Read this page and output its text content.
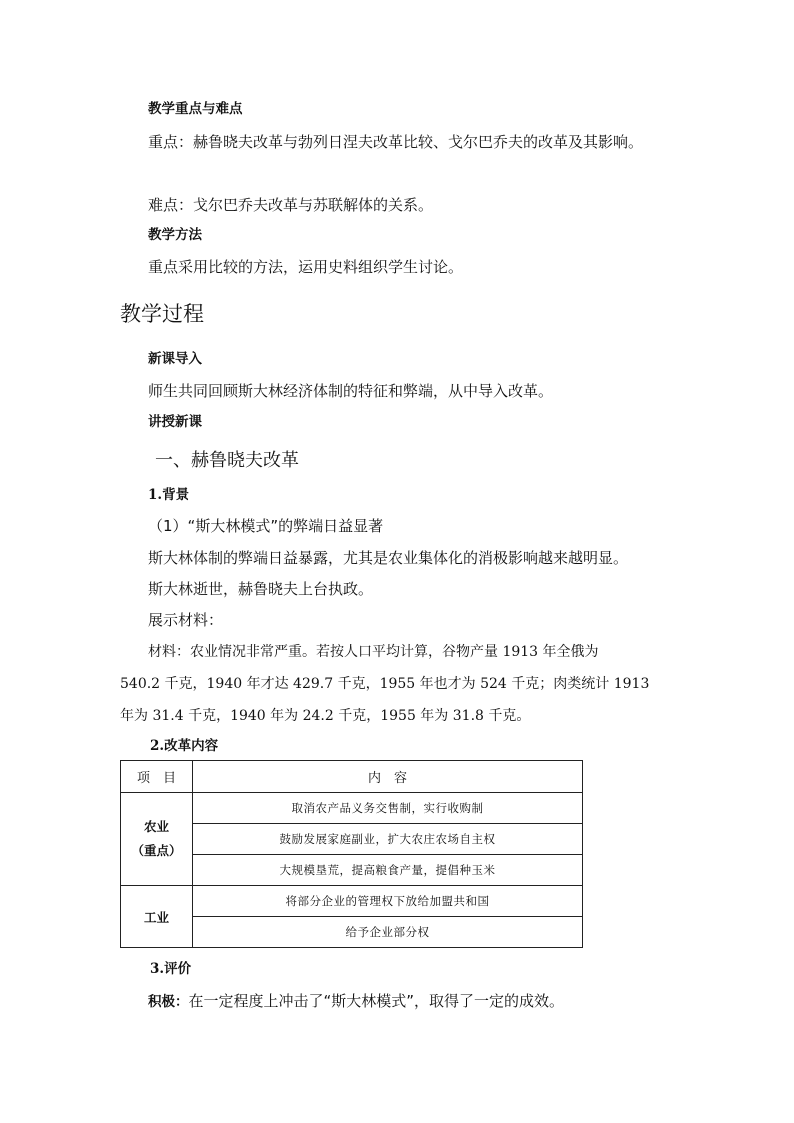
教学重点与难点
重点：赫鲁晓夫改革与勃列日涅夫改革比较、戈尔巴乔夫的改革及其影响。
难点：戈尔巴乔夫改革与苏联解体的关系。
教学方法
重点采用比较的方法，运用史料组织学生讨论。
教学过程
新课导入
师生共同回顾斯大林经济体制的特征和弊端，从中导入改革。
讲授新课
一、赫鲁晓夫改革
1.背景
（1）“斯大林模式”的弊端日益显著
斯大林体制的弊端日益暴露，尤其是农业集体化的消极影响越来越明显。
斯大林逝世，赫鲁晓夫上台执政。
展示材料：
材料：农业情况非常严重。若按人口平均计算，谷物产量 1913 年全俄为
540.2 千克，1940 年才达 429.7 千克，1955 年也才为 524 千克；肉类统计 1913
年为 31.4 千克，1940 年为 24.2 千克，1955 年为 31.8 千克。
2.改革内容
项　目	内　容

农业
（重点）	取消农产品义务交售制，实行收购制
	鼓励发展家庭副业，扩大农庄农场自主权
	大规模垦荒，提高粮食产量，提倡种玉米
工业	将部分企业的管理权下放给加盟共和国
	给予企业部分权
3.评价
积极：在一定程度上冲击了“斯大林模式”，取得了一定的成效。
